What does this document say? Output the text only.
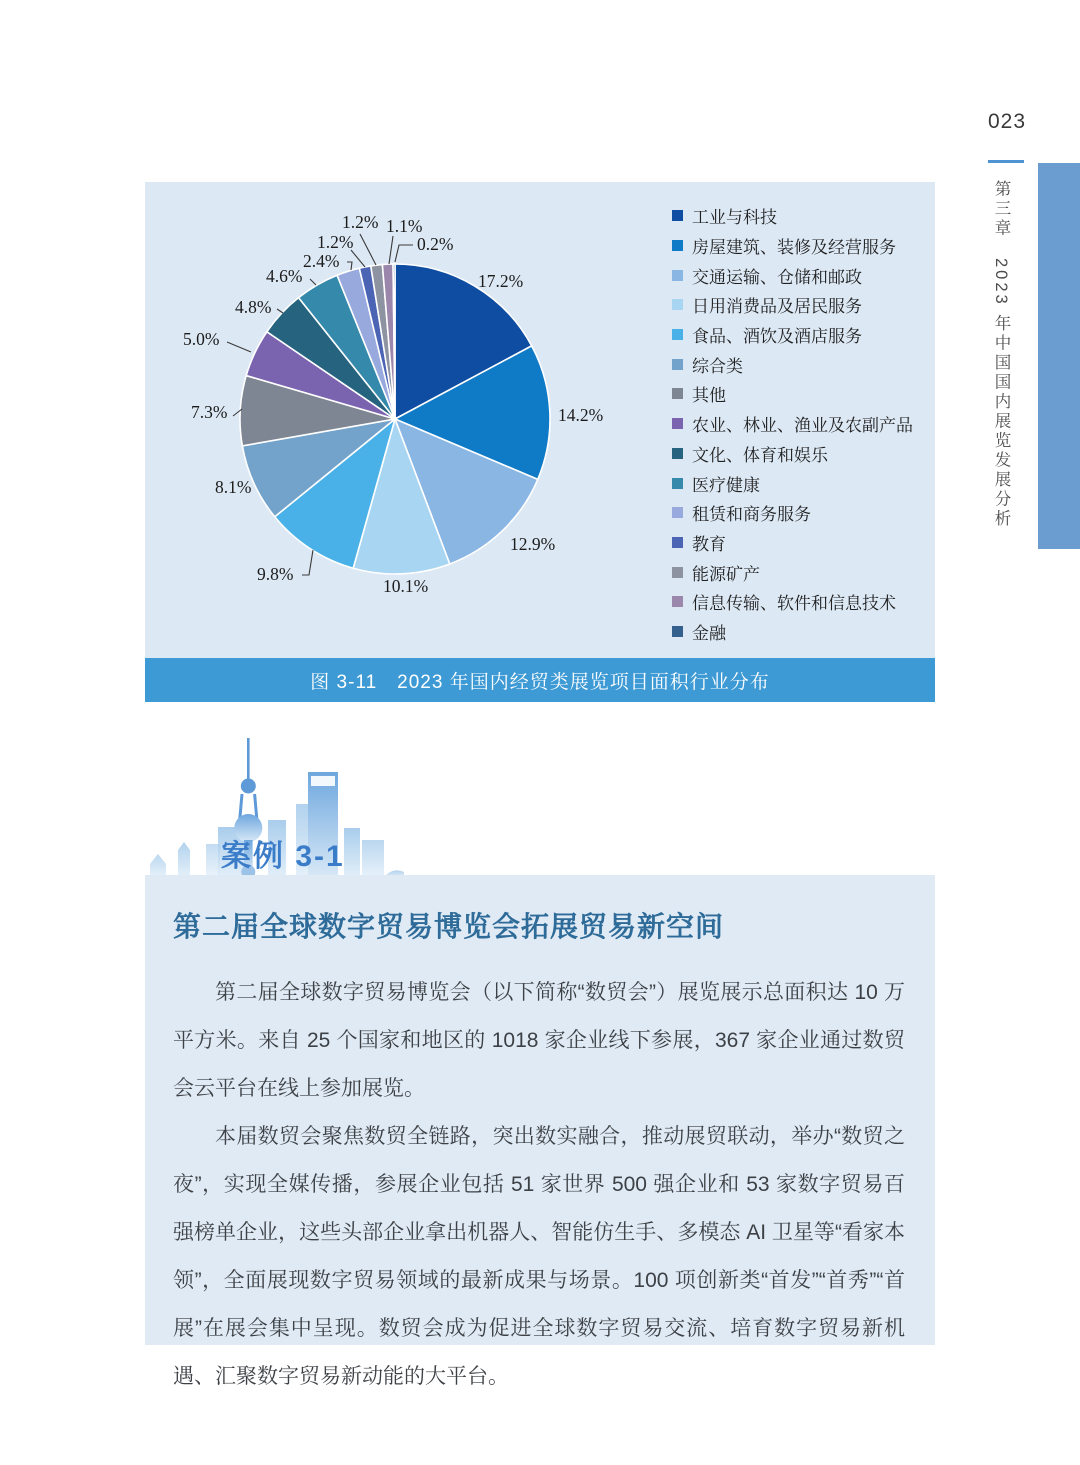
17.2%
14.2%
12.9%
10.1%
9.8%
8.1%
7.3%
5.0%
4.8%
4.6%
2.4%
1.2%
1.2% 1.1%
0.2%
工业与科技
房屋建筑、装修及经营服务
交通运输、仓储和邮政
日用消费品及居民服务
食品、酒饮及酒店服务
综合类
其他
农业、林业、渔业及农副产品
文化、体育和娱乐
医疗健康
租赁和商务服务
教育
能源矿产
信息传输、软件和信息技术
金融
图 3-11　2023 年国内经贸类展览项目面积行业分布
案例 3-1
第二届全球数字贸易博览会拓展贸易新空间

第二届全球数字贸易博览会（以下简称“数贸会”）展览展示总面积达 10 万平方米。来自 25 个国家和地区的 1018 家企业线下参展，367 家企业通过数贸会云平台在线上参加展览。

本届数贸会聚焦数贸全链路，突出数实融合，推动展贸联动，举办“数贸之夜”，实现全媒传播，参展企业包括 51 家世界 500 强企业和 53 家数字贸易百强榜单企业，这些头部企业拿出机器人、智能仿生手、多模态 AI 卫星等“看家本领”，全面展现数字贸易领域的最新成果与场景。100 项创新类“首发”“首秀”“首展”在展会集中呈现。数贸会成为促进全球数字贸易交流、培育数字贸易新机遇、汇聚数字贸易新动能的大平台。

023
第三章　2023 年中国国内展览发展分析
